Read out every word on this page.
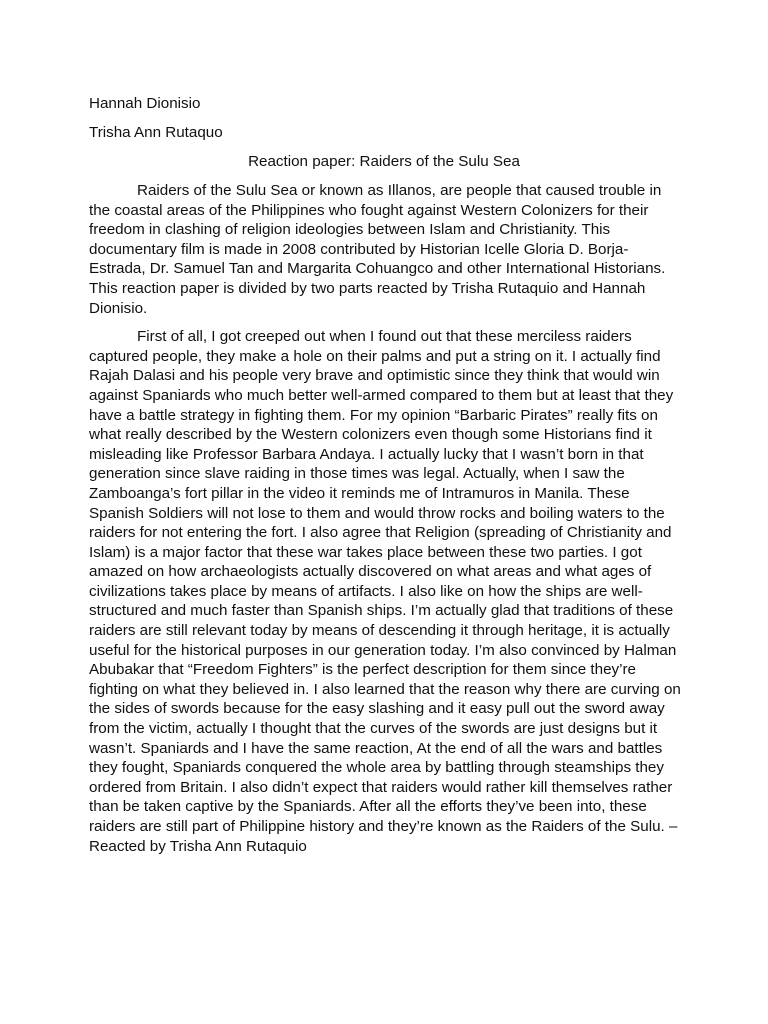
Hannah Dionisio
Trisha Ann Rutaquo
Reaction paper: Raiders of the Sulu Sea

Raiders of the Sulu Sea or known as Illanos, are people that caused trouble in the coastal areas of the Philippines who fought against Western Colonizers for their freedom in clashing of religion ideologies between Islam and Christianity. This documentary film is made in 2008 contributed by Historian Icelle Gloria D. Borja-Estrada, Dr. Samuel Tan and Margarita Cohuangco and other International Historians. This reaction paper is divided by two parts reacted by Trisha Rutaquio and Hannah Dionisio.

First of all, I got creeped out when I found out that these merciless raiders captured people, they make a hole on their palms and put a string on it. I actually find Rajah Dalasi and his people very brave and optimistic since they think that would win against Spaniards who much better well-armed compared to them but at least that they have a battle strategy in fighting them. For my opinion “Barbaric Pirates” really fits on what really described by the Western colonizers even though some Historians find it misleading like Professor Barbara Andaya. I actually lucky that I wasn’t born in that generation since slave raiding in those times was legal. Actually, when I saw the Zamboanga’s fort pillar in the video it reminds me of Intramuros in Manila. These Spanish Soldiers will not lose to them and would throw rocks and boiling waters to the raiders for not entering the fort. I also agree that Religion (spreading of Christianity and Islam) is a major factor that these war takes place between these two parties. I got amazed on how archaeologists actually discovered on what areas and what ages of civilizations takes place by means of artifacts. I also like on how the ships are well-structured and much faster than Spanish ships. I’m actually glad that traditions of these raiders are still relevant today by means of descending it through heritage, it is actually useful for the historical purposes in our generation today. I’m also convinced by Halman Abubakar that “Freedom Fighters” is the perfect description for them since they’re fighting on what they believed in. I also learned that the reason why there are curving on the sides of swords because for the easy slashing and it easy pull out the sword away from the victim, actually I thought that the curves of the swords are just designs but it wasn’t. Spaniards and I have the same reaction, At the end of all the wars and battles they fought, Spaniards conquered the whole area by battling through steamships they ordered from Britain. I also didn’t expect that raiders would rather kill themselves rather than be taken captive by the Spaniards. After all the efforts they’ve been into, these raiders are still part of Philippine history and they’re known as the Raiders of the Sulu. – Reacted by Trisha Ann Rutaquio
